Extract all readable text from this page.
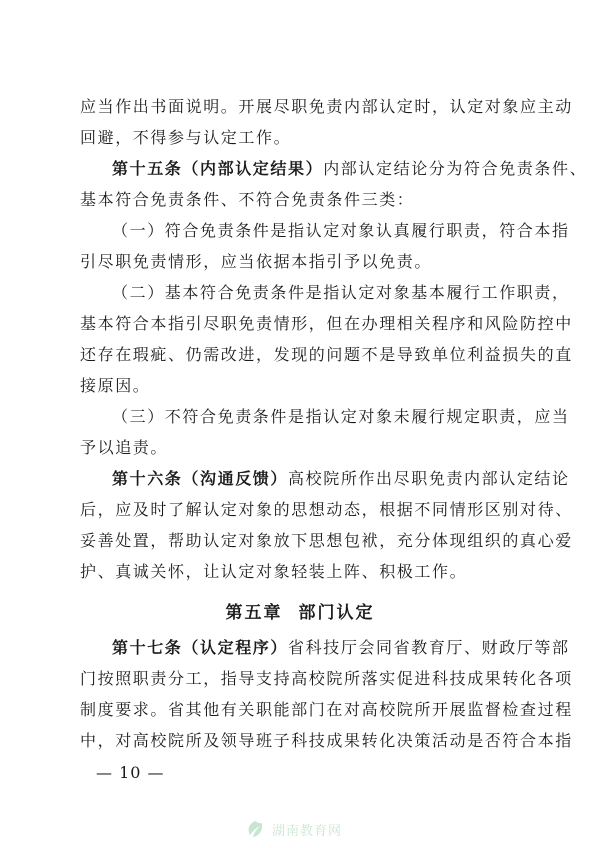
应当作出书面说明。开展尽职免责内部认定时，认定对象应主动
回避，不得参与认定工作。
第十五条（内部认定结果）内部认定结论分为符合免责条件、
基本符合免责条件、不符合免责条件三类：
（一）符合免责条件是指认定对象认真履行职责，符合本指
引尽职免责情形，应当依据本指引予以免责。
（二）基本符合免责条件是指认定对象基本履行工作职责，
基本符合本指引尽职免责情形，但在办理相关程序和风险防控中
还存在瑕疵、仍需改进，发现的问题不是导致单位利益损失的直
接原因。
（三）不符合免责条件是指认定对象未履行规定职责，应当
予以追责。
第十六条（沟通反馈）高校院所作出尽职免责内部认定结论
后，应及时了解认定对象的思想动态，根据不同情形区别对待、
妥善处置，帮助认定对象放下思想包袱，充分体现组织的真心爱
护、真诚关怀，让认定对象轻装上阵、积极工作。
第五章 部门认定
第十七条（认定程序）省科技厅会同省教育厅、财政厅等部
门按照职责分工，指导支持高校院所落实促进科技成果转化各项
制度要求。省其他有关职能部门在对高校院所开展监督检查过程
中，对高校院所及领导班子科技成果转化决策活动是否符合本指
— 10 —
湖南教育网
